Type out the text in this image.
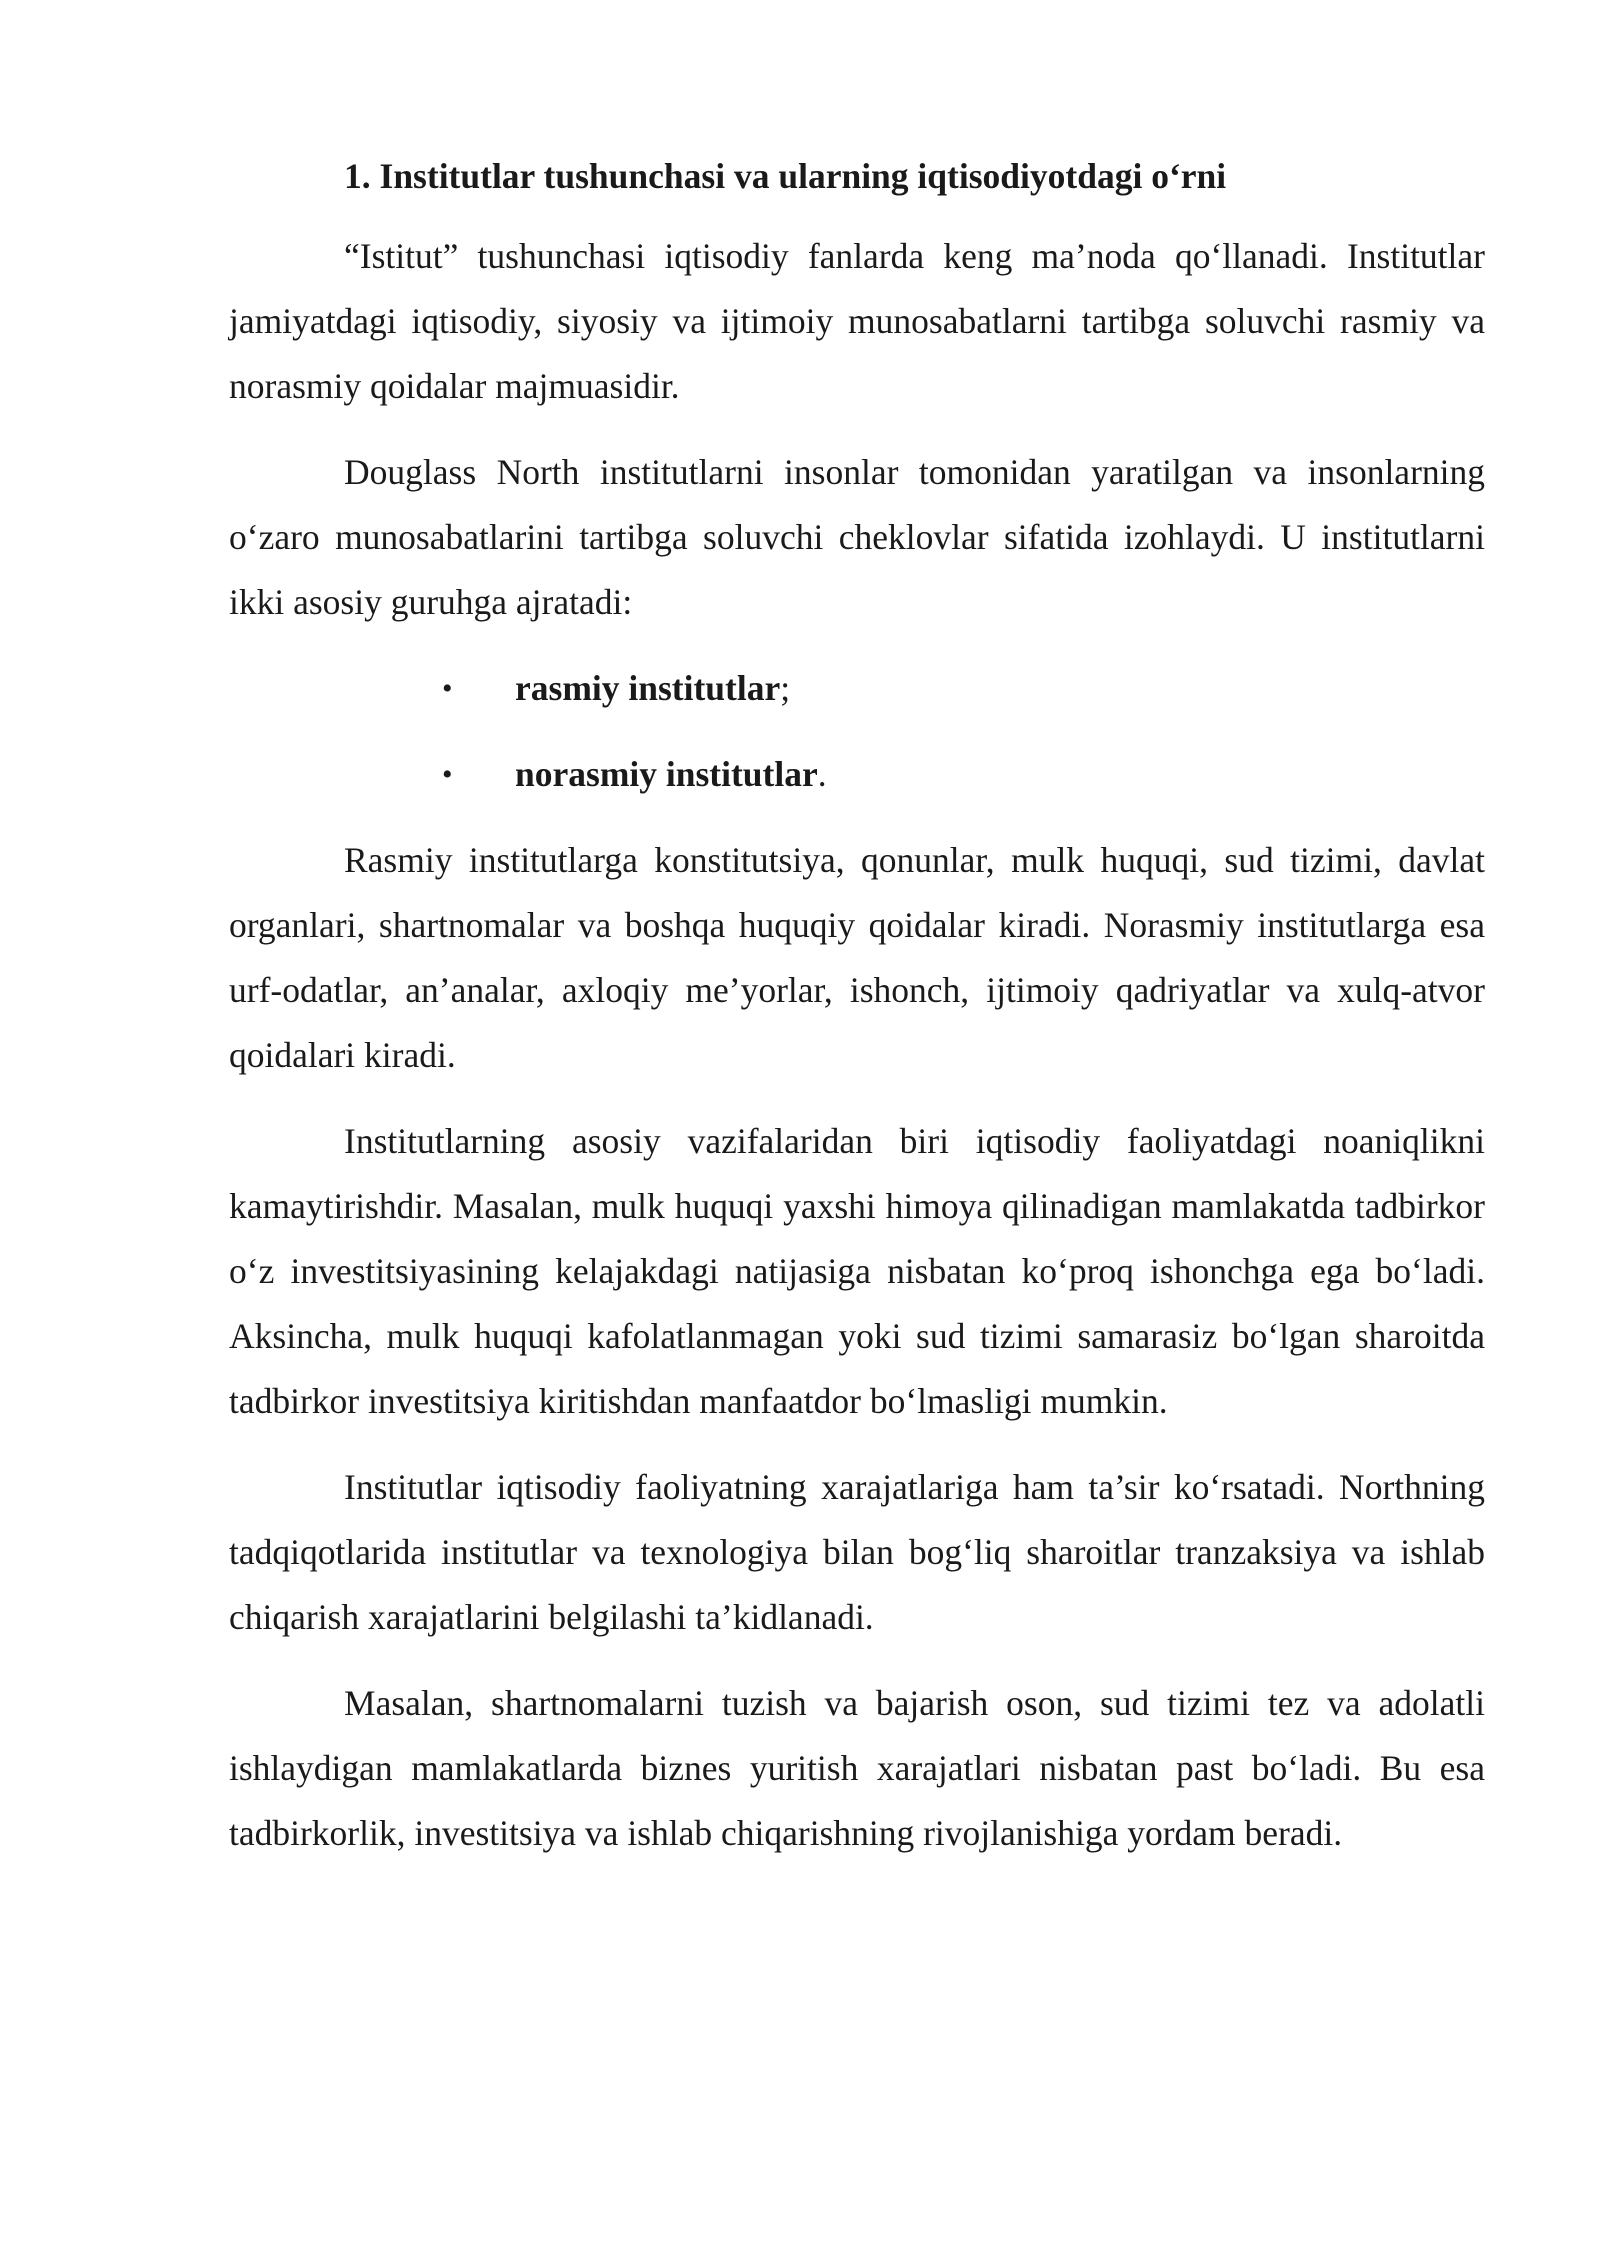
1. Institutlar tushunchasi va ularning iqtisodiyotdagi o‘rni

“Istitut” tushunchasi iqtisodiy fanlarda keng ma’noda qo‘llanadi. Institutlar jamiyatdagi iqtisodiy, siyosiy va ijtimoiy munosabatlarni tartibga soluvchi rasmiy va norasmiy qoidalar majmuasidir.

Douglass North institutlarni insonlar tomonidan yaratilgan va insonlarning o‘zaro munosabatlarini tartibga soluvchi cheklovlar sifatida izohlaydi. U institutlarni ikki asosiy guruhga ajratadi:

• rasmiy institutlar;
• norasmiy institutlar.

Rasmiy institutlarga konstitutsiya, qonunlar, mulk huquqi, sud tizimi, davlat organlari, shartnomalar va boshqa huquqiy qoidalar kiradi. Norasmiy institutlarga esa urf-odatlar, an’analar, axloqiy me’yorlar, ishonch, ijtimoiy qadriyatlar va xulq-atvor qoidalari kiradi.

Institutlarning asosiy vazifalaridan biri iqtisodiy faoliyatdagi noaniqlikni kamaytirishdir. Masalan, mulk huquqi yaxshi himoya qilinadigan mamlakatda tadbirkor o‘z investitsiyasining kelajakdagi natijasiga nisbatan ko‘proq ishonchga ega bo‘ladi. Aksincha, mulk huquqi kafolatlanmagan yoki sud tizimi samarasiz bo‘lgan sharoitda tadbirkor investitsiya kiritishdan manfaatdor bo‘lmasligi mumkin.

Institutlar iqtisodiy faoliyatning xarajatlariga ham ta’sir ko‘rsatadi. Northning tadqiqotlarida institutlar va texnologiya bilan bog‘liq sharoitlar tranzaksiya va ishlab chiqarish xarajatlarini belgilashi ta’kidlanadi.

Masalan, shartnomalarni tuzish va bajarish oson, sud tizimi tez va adolatli ishlaydigan mamlakatlarda biznes yuritish xarajatlari nisbatan past bo‘ladi. Bu esa tadbirkorlik, investitsiya va ishlab chiqarishning rivojlanishiga yordam beradi.
